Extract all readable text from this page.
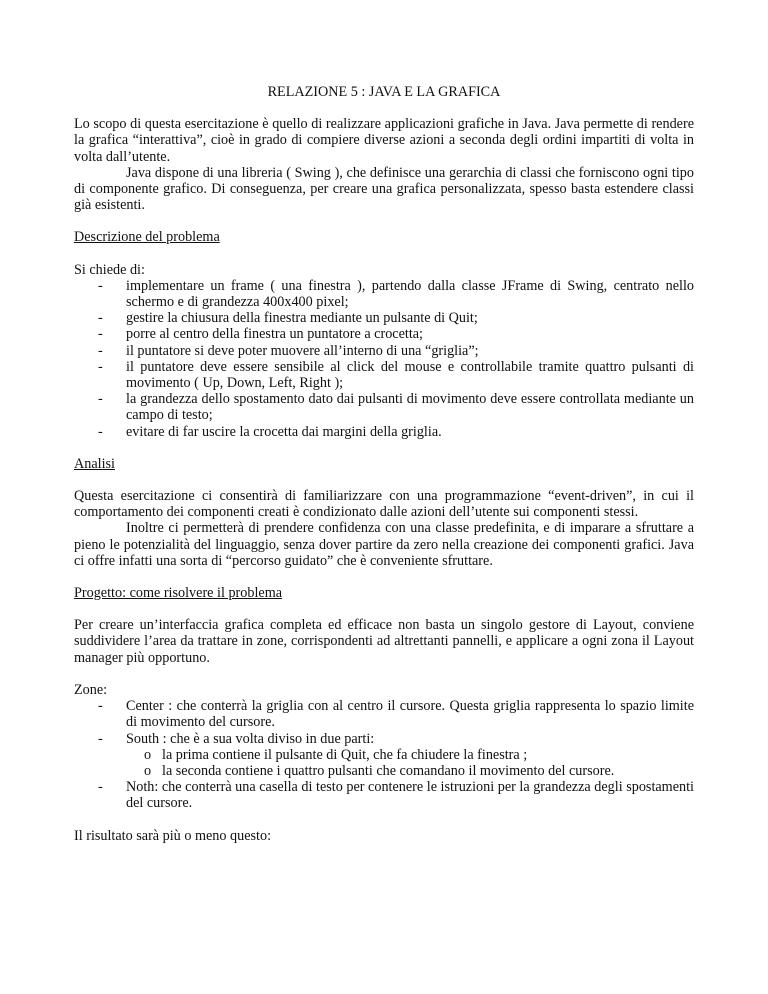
RELAZIONE 5 : JAVA E LA GRAFICA

Lo scopo di questa esercitazione è quello di realizzare applicazioni grafiche in Java. Java permette di rendere la grafica “interattiva”, cioè in grado di compiere diverse azioni a seconda degli ordini impartiti di volta in volta dall’utente.

Java dispone di una libreria ( Swing ), che definisce una gerarchia di classi che forniscono ogni tipo di componente grafico. Di conseguenza, per creare una grafica personalizzata, spesso basta estendere classi già esistenti.

Descrizione del problema

Si chiede di:

- implementare un frame ( una finestra ), partendo dalla classe JFrame di Swing, centrato nello schermo e di grandezza 400x400 pixel;
- gestire la chiusura della finestra mediante un pulsante di Quit;
- porre al centro della finestra un puntatore a crocetta;
- il puntatore si deve poter muovere all’interno di una “griglia”;
- il puntatore deve essere sensibile al click del mouse e controllabile tramite quattro pulsanti di movimento ( Up, Down, Left, Right );
- la grandezza dello spostamento dato dai pulsanti di movimento deve essere controllata mediante un campo di testo;
- evitare di far uscire la crocetta dai margini della griglia.

Analisi

Questa esercitazione ci consentirà di familiarizzare con una programmazione “event-driven”, in cui il comportamento dei componenti creati è condizionato dalle azioni dell’utente sui componenti stessi.

Inoltre ci permetterà di prendere confidenza con una classe predefinita, e di imparare a sfruttare a pieno le potenzialità del linguaggio, senza dover partire da zero nella creazione dei componenti grafici. Java ci offre infatti una sorta di “percorso guidato” che è conveniente sfruttare.

Progetto: come risolvere il problema

Per creare un’interfaccia grafica completa ed efficace non basta un singolo gestore di Layout, conviene suddividere l’area da trattare in zone, corrispondenti ad altrettanti pannelli, e applicare a ogni zona il Layout manager più opportuno.

Zone:

- Center : che conterrà la griglia con al centro il cursore. Questa griglia rappresenta lo spazio limite di movimento del cursore.
- South : che è a sua volta diviso in due parti:
o la prima contiene il pulsante di Quit, che fa chiudere la finestra ;
o la seconda contiene i quattro pulsanti che comandano il movimento del cursore.
- Noth: che conterrà una casella di testo per contenere le istruzioni per la grandezza degli spostamenti del cursore.

Il risultato sarà più o meno questo:
